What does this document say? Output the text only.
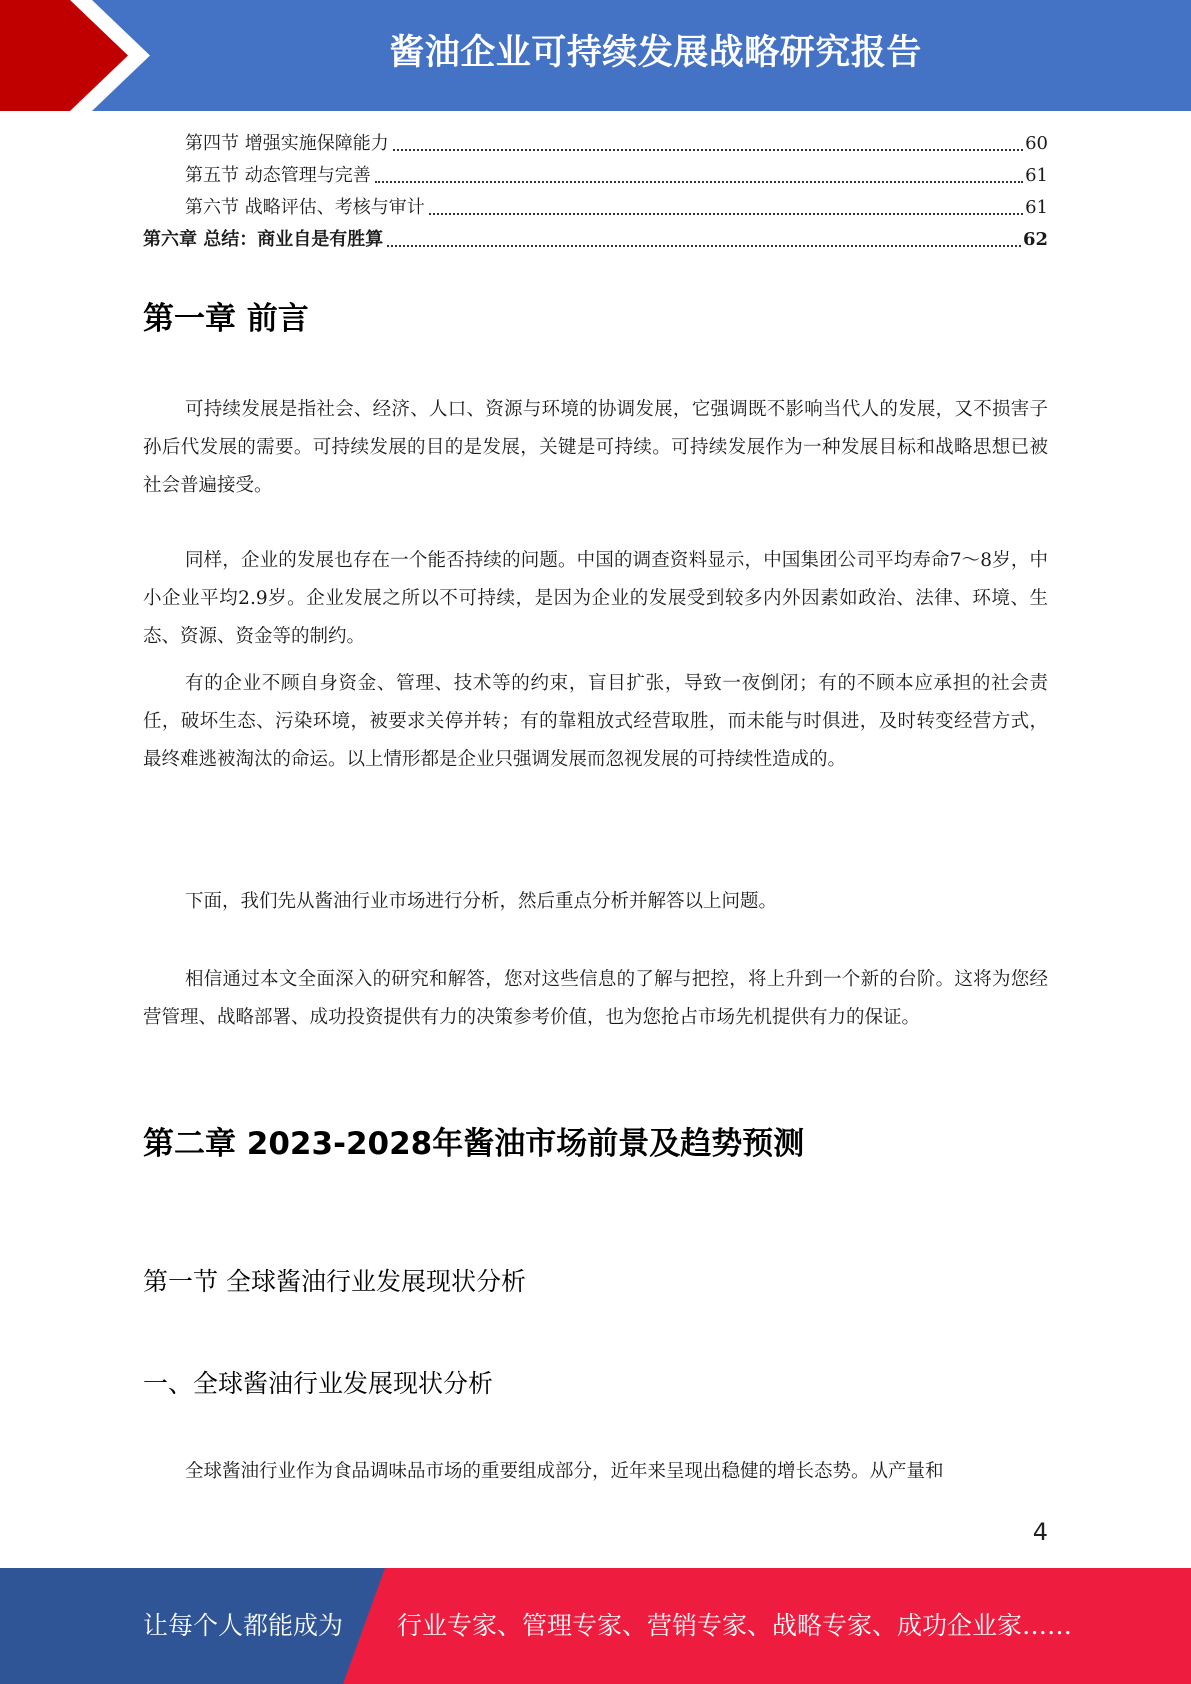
酱油企业可持续发展战略研究报告
第四节 增强实施保障能力	60
第五节 动态管理与完善	61
第六节 战略评估、考核与审计	61
第六章 总结：商业自是有胜算	62
第一章 前言

可持续发展是指社会、经济、人口、资源与环境的协调发展，它强调既不影响当代人的发展，又不损害子孙后代发展的需要。可持续发展的目的是发展，关键是可持续。可持续发展作为一种发展目标和战略思想已被社会普遍接受。

同样，企业的发展也存在一个能否持续的问题。中国的调查资料显示，中国集团公司平均寿命7～8岁，中小企业平均2.9岁。企业发展之所以不可持续，是因为企业的发展受到较多内外因素如政治、法律、环境、生态、资源、资金等的制约。

有的企业不顾自身资金、管理、技术等的约束，盲目扩张，导致一夜倒闭；有的不顾本应承担的社会责任，破坏生态、污染环境，被要求关停并转；有的靠粗放式经营取胜，而未能与时俱进，及时转变经营方式，最终难逃被淘汰的命运。以上情形都是企业只强调发展而忽视发展的可持续性造成的。

下面，我们先从酱油行业市场进行分析，然后重点分析并解答以上问题。

相信通过本文全面深入的研究和解答，您对这些信息的了解与把控，将上升到一个新的台阶。这将为您经营管理、战略部署、成功投资提供有力的决策参考价值，也为您抢占市场先机提供有力的保证。

第二章 2023-2028年酱油市场前景及趋势预测
第一节 全球酱油行业发展现状分析
一、全球酱油行业发展现状分析

全球酱油行业作为食品调味品市场的重要组成部分，近年来呈现出稳健的增长态势。从产量和

4
让每个人都能成为 行业专家、管理专家、营销专家、战略专家、成功企业家……
